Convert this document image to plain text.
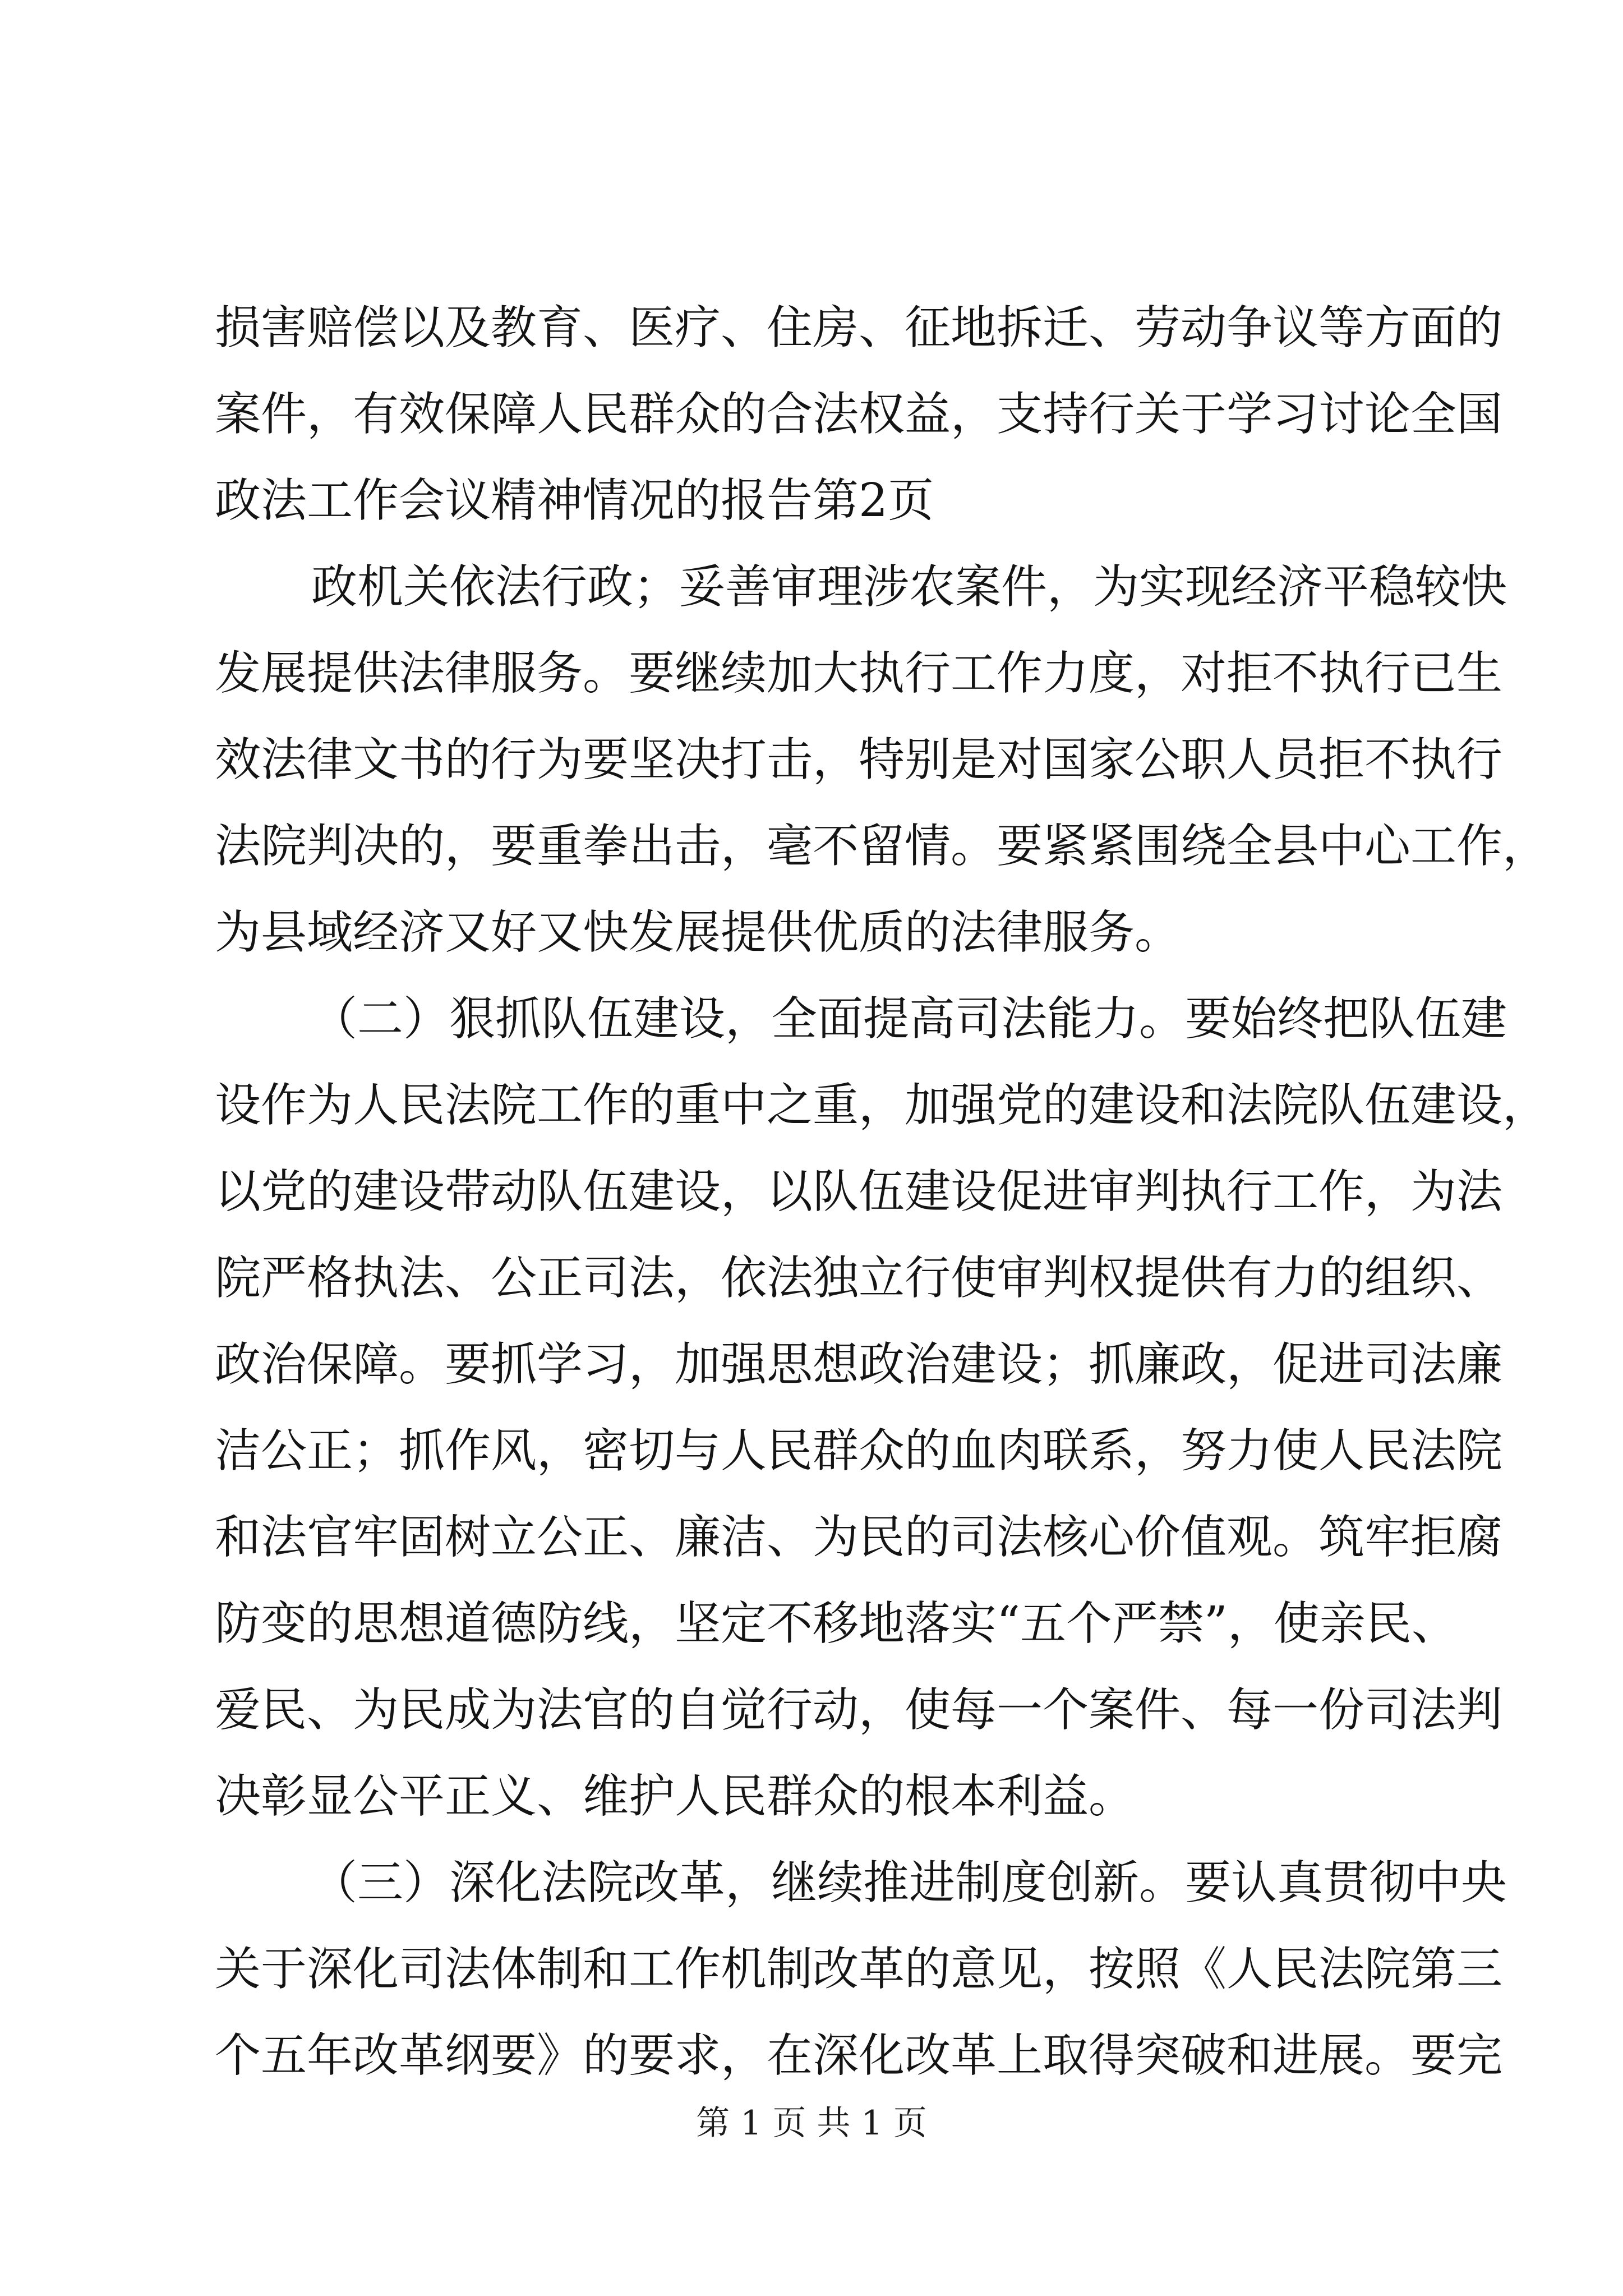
损害赔偿以及教育、医疗、住房、征地拆迁、劳动争议等方面的
案件，有效保障人民群众的合法权益，支持行关于学习讨论全国
政法工作会议精神情况的报告第2页
政机关依法行政；妥善审理涉农案件，为实现经济平稳较快
发展提供法律服务。要继续加大执行工作力度，对拒不执行已生
效法律文书的行为要坚决打击，特别是对国家公职人员拒不执行
法院判决的，要重拳出击，毫不留情。要紧紧围绕全县中心工作，
为县域经济又好又快发展提供优质的法律服务。
（二）狠抓队伍建设，全面提高司法能力。要始终把队伍建
设作为人民法院工作的重中之重，加强党的建设和法院队伍建设，
以党的建设带动队伍建设，以队伍建设促进审判执行工作，为法
院严格执法、公正司法，依法独立行使审判权提供有力的组织、
政治保障。要抓学习，加强思想政治建设；抓廉政，促进司法廉
洁公正；抓作风，密切与人民群众的血肉联系，努力使人民法院
和法官牢固树立公正、廉洁、为民的司法核心价值观。筑牢拒腐
防变的思想道德防线，坚定不移地落实“五个严禁”，使亲民、
爱民、为民成为法官的自觉行动，使每一个案件、每一份司法判
决彰显公平正义、维护人民群众的根本利益。
（三）深化法院改革，继续推进制度创新。要认真贯彻中央
关于深化司法体制和工作机制改革的意见，按照《人民法院第三
个五年改革纲要》的要求，在深化改革上取得突破和进展。要完
第 1 页 共 1 页
